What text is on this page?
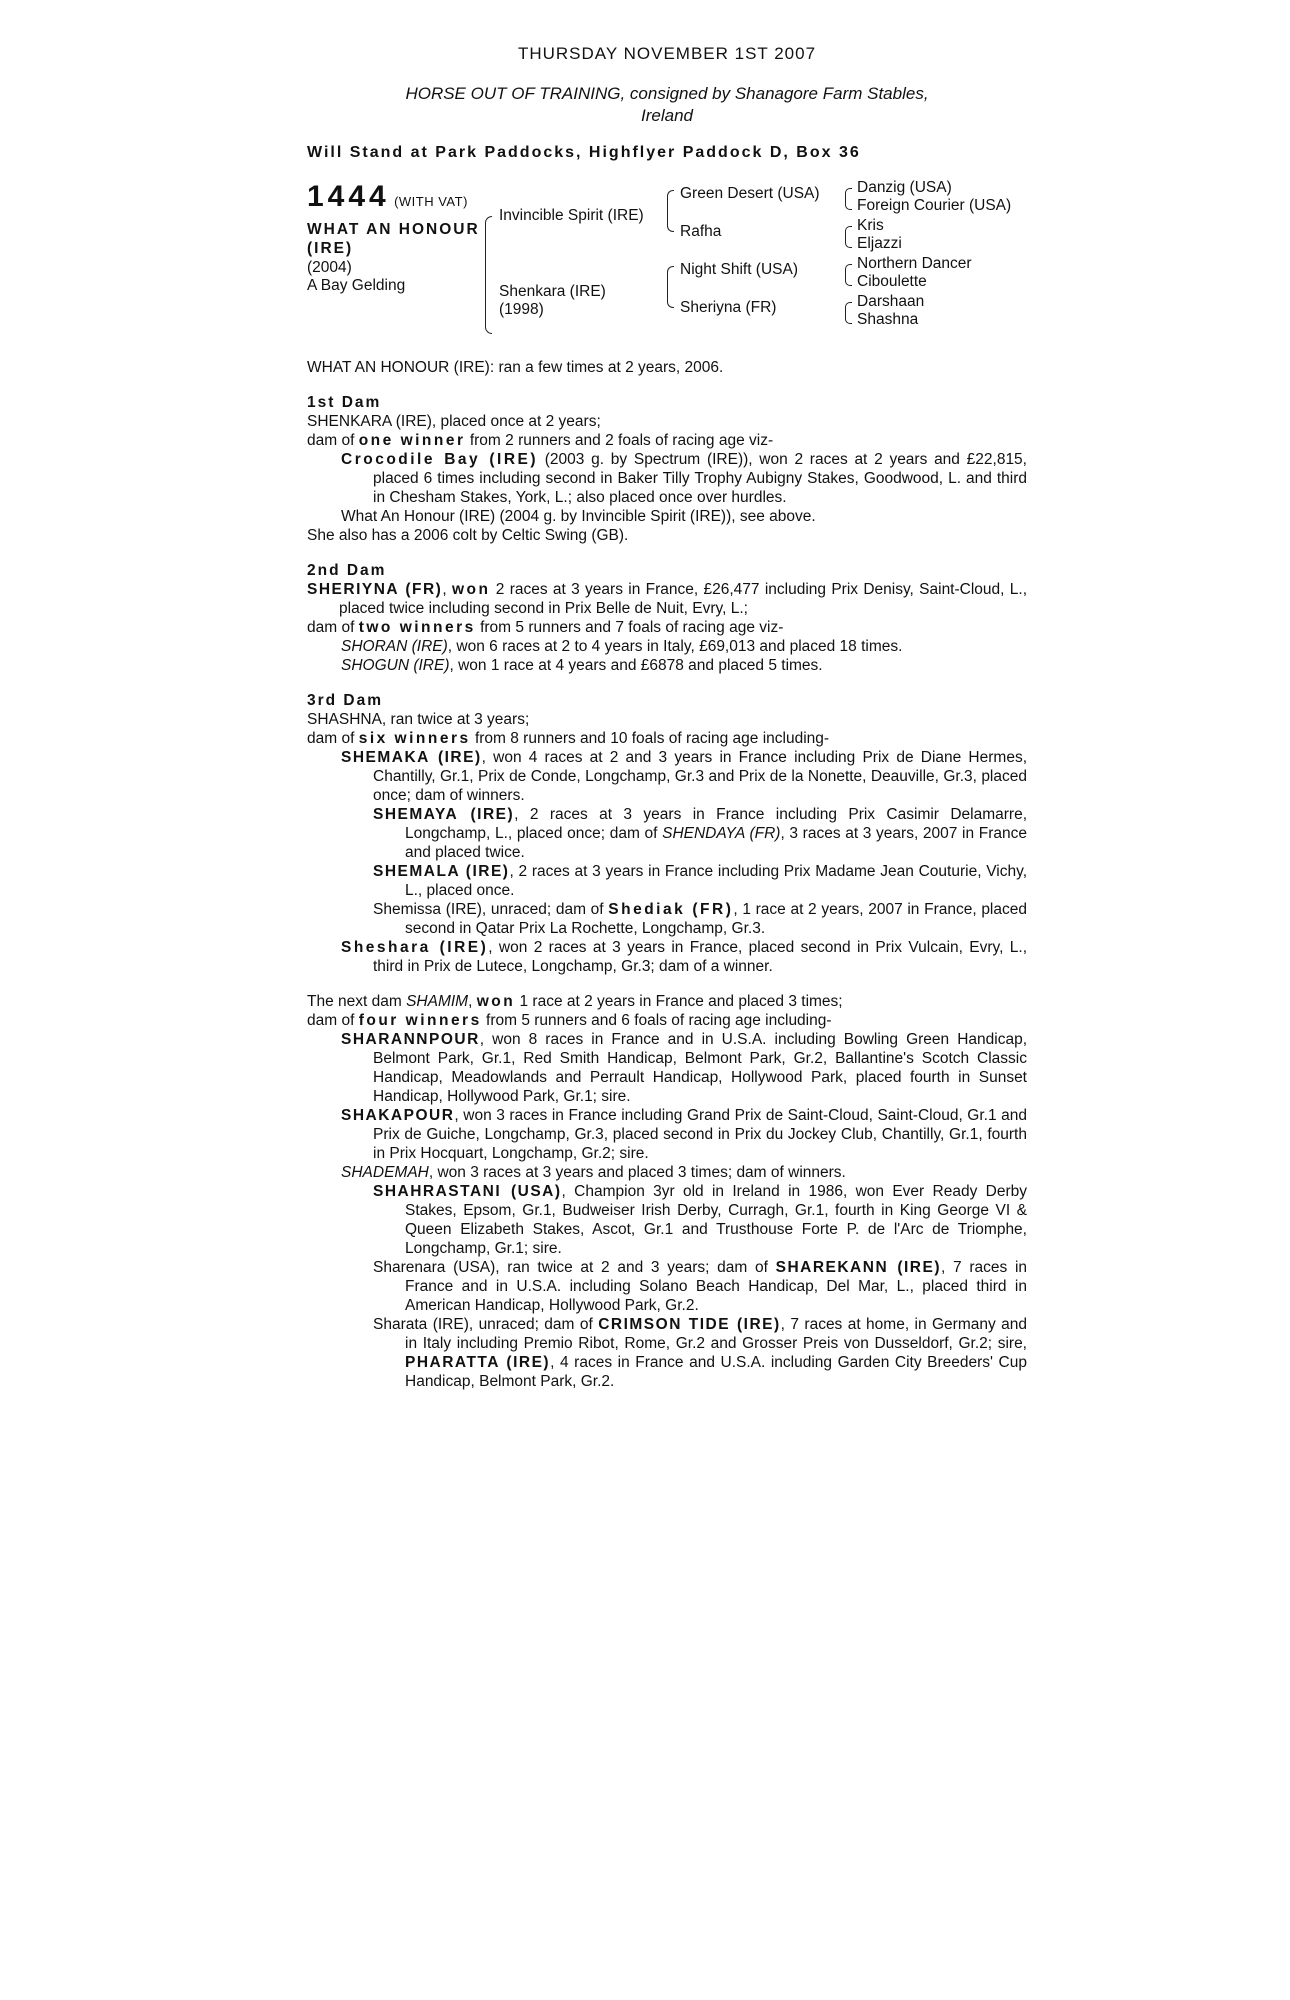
THURSDAY NOVEMBER 1ST 2007
HORSE OUT OF TRAINING, consigned by Shanagore Farm Stables,
Ireland
Will Stand at Park Paddocks, Highflyer Paddock D, Box 36
1444 (WITH VAT)
WHAT AN HONOUR
(IRE)
(2004)
A Bay Gelding
Invincible Spirit (IRE)
Shenkara (IRE)
(1998)
Green Desert (USA)
Rafha
Night Shift (USA)
Sheriyna (FR)
Danzig (USA)
Foreign Courier (USA)
Kris
Eljazzi
Northern Dancer
Ciboulette
Darshaan
Shashna

WHAT AN HONOUR (IRE): ran a few times at 2 years, 2006.

1st Dam

SHENKARA (IRE), placed once at 2 years;

dam of one winner from 2 runners and 2 foals of racing age viz-

Crocodile Bay (IRE) (2003 g. by Spectrum (IRE)), won 2 races at 2 years and £22,815, placed 6 times including second in Baker Tilly Trophy Aubigny Stakes, Goodwood, L. and third in Chesham Stakes, York, L.; also placed once over hurdles.

What An Honour (IRE) (2004 g. by Invincible Spirit (IRE)), see above.

She also has a 2006 colt by Celtic Swing (GB).

2nd Dam

SHERIYNA (FR), won 2 races at 3 years in France, £26,477 including Prix Denisy, Saint-Cloud, L., placed twice including second in Prix Belle de Nuit, Evry, L.;

dam of two winners from 5 runners and 7 foals of racing age viz-

SHORAN (IRE), won 6 races at 2 to 4 years in Italy, £69,013 and placed 18 times.

SHOGUN (IRE), won 1 race at 4 years and £6878 and placed 5 times.

3rd Dam

SHASHNA, ran twice at 3 years;

dam of six winners from 8 runners and 10 foals of racing age including-

SHEMAKA (IRE), won 4 races at 2 and 3 years in France including Prix de Diane Hermes, Chantilly, Gr.1, Prix de Conde, Longchamp, Gr.3 and Prix de la Nonette, Deauville, Gr.3, placed once; dam of winners.

SHEMAYA (IRE), 2 races at 3 years in France including Prix Casimir Delamarre, Longchamp, L., placed once; dam of SHENDAYA (FR), 3 races at 3 years, 2007 in France and placed twice.

SHEMALA (IRE), 2 races at 3 years in France including Prix Madame Jean Couturie, Vichy, L., placed once.

Shemissa (IRE), unraced; dam of Shediak (FR), 1 race at 2 years, 2007 in France, placed second in Qatar Prix La Rochette, Longchamp, Gr.3.

Sheshara (IRE), won 2 races at 3 years in France, placed second in Prix Vulcain, Evry, L., third in Prix de Lutece, Longchamp, Gr.3; dam of a winner.

The next dam SHAMIM, won 1 race at 2 years in France and placed 3 times;

dam of four winners from 5 runners and 6 foals of racing age including-

SHARANNPOUR, won 8 races in France and in U.S.A. including Bowling Green Handicap, Belmont Park, Gr.1, Red Smith Handicap, Belmont Park, Gr.2, Ballantine's Scotch Classic Handicap, Meadowlands and Perrault Handicap, Hollywood Park, placed fourth in Sunset Handicap, Hollywood Park, Gr.1; sire.

SHAKAPOUR, won 3 races in France including Grand Prix de Saint-Cloud, Saint-Cloud, Gr.1 and Prix de Guiche, Longchamp, Gr.3, placed second in Prix du Jockey Club, Chantilly, Gr.1, fourth in Prix Hocquart, Longchamp, Gr.2; sire.

SHADEMAH, won 3 races at 3 years and placed 3 times; dam of winners.

SHAHRASTANI (USA), Champion 3yr old in Ireland in 1986, won Ever Ready Derby Stakes, Epsom, Gr.1, Budweiser Irish Derby, Curragh, Gr.1, fourth in King George VI & Queen Elizabeth Stakes, Ascot, Gr.1 and Trusthouse Forte P. de l'Arc de Triomphe, Longchamp, Gr.1; sire.

Sharenara (USA), ran twice at 2 and 3 years; dam of SHAREKANN (IRE), 7 races in France and in U.S.A. including Solano Beach Handicap, Del Mar, L., placed third in American Handicap, Hollywood Park, Gr.2.

Sharata (IRE), unraced; dam of CRIMSON TIDE (IRE), 7 races at home, in Germany and in Italy including Premio Ribot, Rome, Gr.2 and Grosser Preis von Dusseldorf, Gr.2; sire, PHARATTA (IRE), 4 races in France and U.S.A. including Garden City Breeders' Cup Handicap, Belmont Park, Gr.2.
